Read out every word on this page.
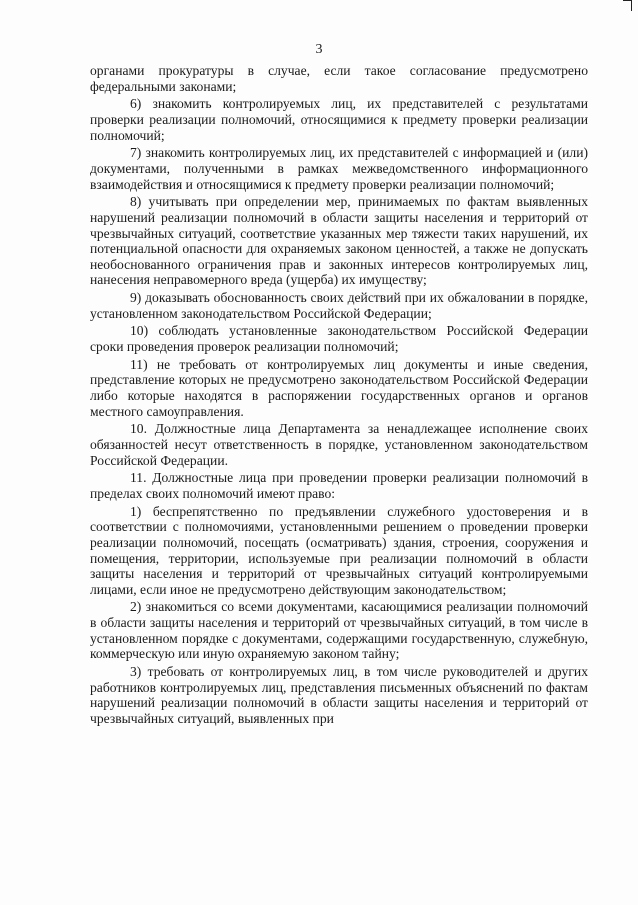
3

органами прокуратуры в случае, если такое согласование предусмотрено федеральными законами;

6) знакомить контролируемых лиц, их представителей с результатами проверки реализации полномочий, относящимися к предмету проверки реализации полномочий;

7) знакомить контролируемых лиц, их представителей с информацией и (или) документами, полученными в рамках межведомственного информационного взаимодействия и относящимися к предмету проверки реализации полномочий;

8) учитывать при определении мер, принимаемых по фактам выявленных нарушений реализации полномочий в области защиты населения и территорий от чрезвычайных ситуаций, соответствие указанных мер тяжести таких нарушений, их потенциальной опасности для охраняемых законом ценностей, а также не допускать необоснованного ограничения прав и законных интересов контролируемых лиц, нанесения неправомерного вреда (ущерба) их имуществу;

9) доказывать обоснованность своих действий при их обжаловании в порядке, установленном законодательством Российской Федерации;

10) соблюдать установленные законодательством Российской Федерации сроки проведения проверок реализации полномочий;

11) не требовать от контролируемых лиц документы и иные сведения, представление которых не предусмотрено законодательством Российской Федерации либо которые находятся в распоряжении государственных органов и органов местного самоуправления.

10. Должностные лица Департамента за ненадлежащее исполнение своих обязанностей несут ответственность в порядке, установленном законодательством Российской Федерации.

11. Должностные лица при проведении проверки реализации полномочий в пределах своих полномочий имеют право:

1) беспрепятственно по предъявлении служебного удостоверения и в соответствии с полномочиями, установленными решением о проведении проверки реализации полномочий, посещать (осматривать) здания, строения, сооружения и помещения, территории, используемые при реализации полномочий в области защиты населения и территорий от чрезвычайных ситуаций контролируемыми лицами, если иное не предусмотрено действующим законодательством;

2) знакомиться со всеми документами, касающимися реализации полномочий в области защиты населения и территорий от чрезвычайных ситуаций, в том числе в установленном порядке с документами, содержащими государственную, служебную, коммерческую или иную охраняемую законом тайну;

3) требовать от контролируемых лиц, в том числе руководителей и других работников контролируемых лиц, представления письменных объяснений по фактам нарушений реализации полномочий в области защиты населения и территорий от чрезвычайных ситуаций, выявленных при
